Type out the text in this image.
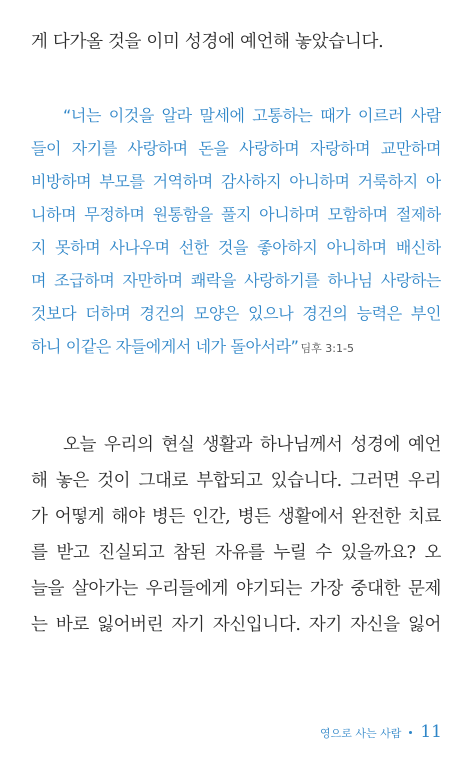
게 다가올 것을 이미 성경에 예언해 놓았습니다.
“너는 이것을 알라 말세에 고통하는 때가 이르러 사람
들이 자기를 사랑하며 돈을 사랑하며 자랑하며 교만하며
비방하며 부모를 거역하며 감사하지 아니하며 거룩하지 아
니하며 무정하며 원통함을 풀지 아니하며 모함하며 절제하
지 못하며 사나우며 선한 것을 좋아하지 아니하며 배신하
며 조급하며 자만하며 쾌락을 사랑하기를 하나님 사랑하는
것보다 더하며 경건의 모양은 있으나 경건의 능력은 부인
하니 이같은 자들에게서 네가 돌아서라” 딤후 3:1-5
오늘 우리의 현실 생활과 하나님께서 성경에 예언
해 놓은 것이 그대로 부합되고 있습니다. 그러면 우리
가 어떻게 해야 병든 인간, 병든 생활에서 완전한 치료
를 받고 진실되고 참된 자유를 누릴 수 있을까요? 오
늘을 살아가는 우리들에게 야기되는 가장 중대한 문제
는 바로 잃어버린 자기 자신입니다. 자기 자신을 잃어
영으로 사는 사람 11
